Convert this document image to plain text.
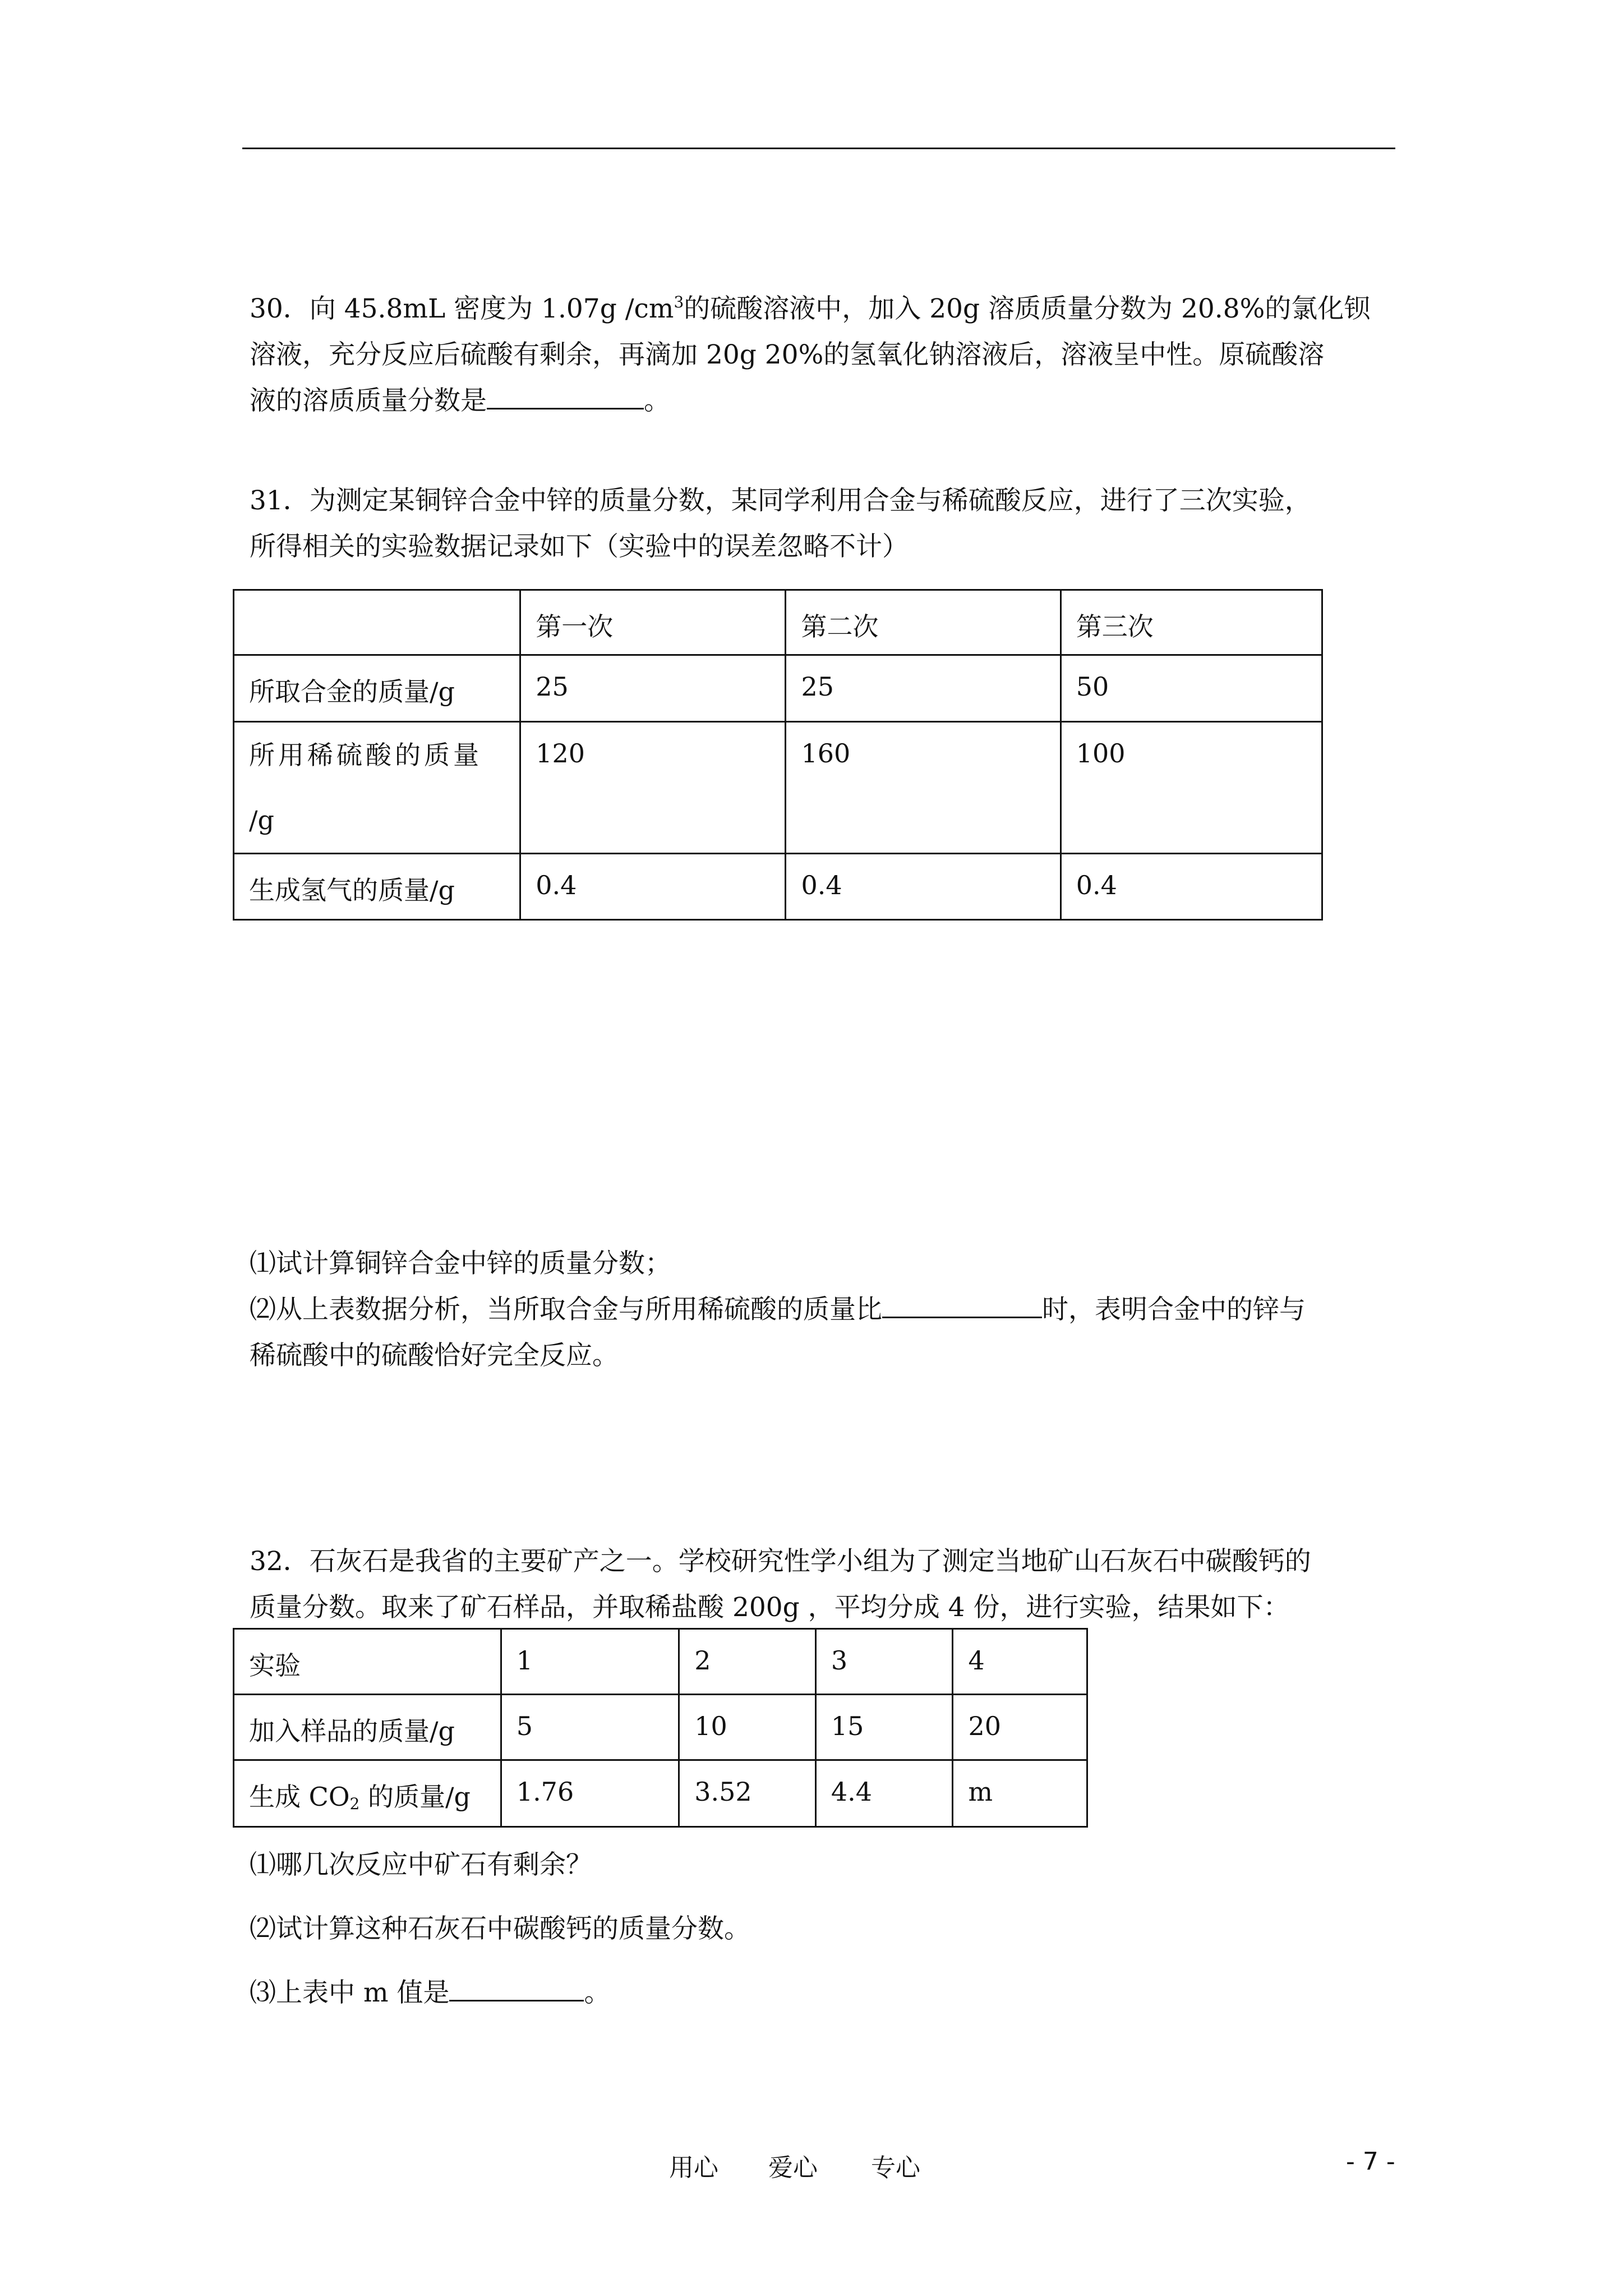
30．向 45.8mL 密度为 1.07g $/cm^3$的硫酸溶液中，加入 20g 溶质质量分数为 20.8%的氯化钡
溶液，充分反应后硫酸有剩余，再滴加 20g 20%的氢氧化钠溶液后，溶液呈中性。原硫酸溶
液的溶质质量分数是	。
31．为测定某铜锌合金中锌的质量分数，某同学利用合金与稀硫酸反应，进行了三次实验，
所得相关的实验数据记录如下（实验中的误差忽略不计）
	第一次	第二次	第三次
所取合金的质量/g	25	25	50

所用稀硫酸的质量
/g	120	160	100
生成氢气的质量/g	0.4	0.4	0.4
⑴试计算铜锌合金中锌的质量分数；
⑵从上表数据分析，当所取合金与所用稀硫酸的质量比	时，表明合金中的锌与
稀硫酸中的硫酸恰好完全反应。
32．石灰石是我省的主要矿产之一。学校研究性学小组为了测定当地矿山石灰石中碳酸钙的
质量分数。取来了矿石样品，并取稀盐酸 200g ，平均分成 4 份，进行实验，结果如下：
实验	1	2	3	4
加入样品的质量/g	5	10	15	20
生成 $CO_2$ 的质量/g	1.76	3.52	4.4	m
⑴哪几次反应中矿石有剩余？
⑵试计算这种石灰石中碳酸钙的质量分数。
⑶上表中 m 值是	。
用心 爱心 专心	- 7 -
